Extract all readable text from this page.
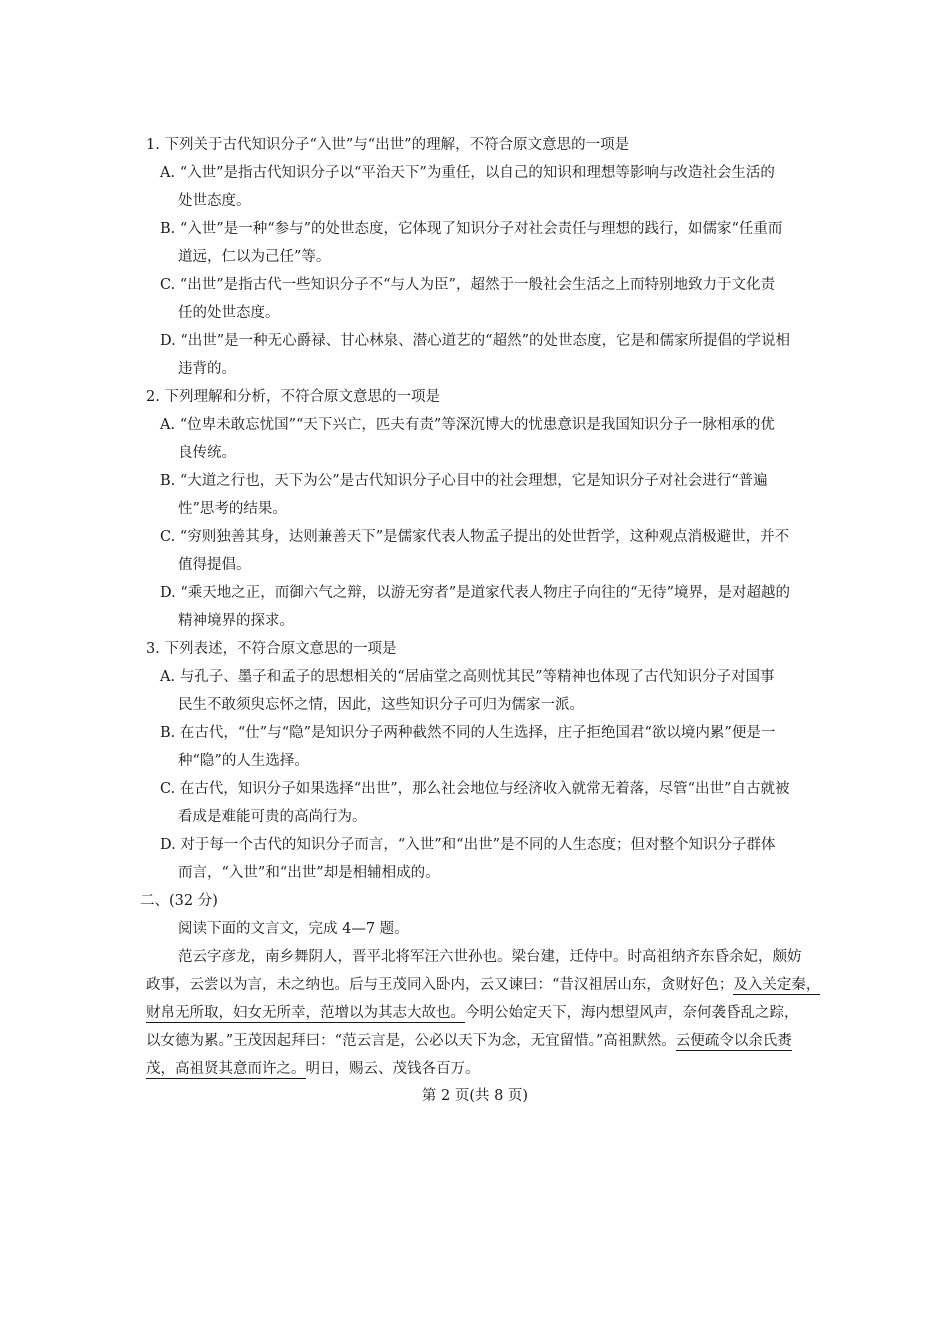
1. 下列关于古代知识分子“入世”与“出世”的理解，不符合原文意思的一项是
A. “入世”是指古代知识分子以“平治天下”为重任，以自己的知识和理想等影响与改造社会生活的
处世态度。
B. “入世”是一种“参与”的处世态度，它体现了知识分子对社会责任与理想的践行，如儒家“任重而
道远，仁以为己任”等。
C. “出世”是指古代一些知识分子不“与人为臣”，超然于一般社会生活之上而特别地致力于文化责
任的处世态度。
D. “出世”是一种无心爵禄、甘心林泉、潜心道艺的“超然”的处世态度，它是和儒家所提倡的学说相
违背的。
2. 下列理解和分析，不符合原文意思的一项是
A. “位卑未敢忘忧国”“天下兴亡，匹夫有责”等深沉博大的忧患意识是我国知识分子一脉相承的优
良传统。
B. “大道之行也，天下为公”是古代知识分子心目中的社会理想，它是知识分子对社会进行“普遍
性”思考的结果。
C. “穷则独善其身，达则兼善天下”是儒家代表人物孟子提出的处世哲学，这种观点消极避世，并不
值得提倡。
D. “乘天地之正，而御六气之辩，以游无穷者”是道家代表人物庄子向往的“无待”境界，是对超越的
精神境界的探求。
3. 下列表述，不符合原文意思的一项是
A. 与孔子、墨子和孟子的思想相关的“居庙堂之高则忧其民”等精神也体现了古代知识分子对国事
民生不敢须臾忘怀之情，因此，这些知识分子可归为儒家一派。
B. 在古代，“仕”与“隐”是知识分子两种截然不同的人生选择，庄子拒绝国君“欲以境内累”便是一
种“隐”的人生选择。
C. 在古代，知识分子如果选择“出世”，那么社会地位与经济收入就常无着落，尽管“出世”自古就被
看成是难能可贵的高尚行为。
D. 对于每一个古代的知识分子而言，“入世”和“出世”是不同的人生态度；但对整个知识分子群体
而言，“入世”和“出世”却是相辅相成的。
二、(32 分)
阅读下面的文言文，完成 4—7 题。
范云字彦龙，南乡舞阴人，晋平北将军汪六世孙也。梁台建，迁侍中。时高祖纳齐东昏余妃，颇妨
政事，云尝以为言，未之纳也。后与王茂同入卧内，云又谏曰：“昔汉祖居山东，贪财好色；及入关定秦，
财帛无所取，妇女无所幸，范增以为其志大故也。今明公始定天下，海内想望风声，奈何袭昏乱之踪，
以女德为累。”王茂因起拜曰：“范云言是，公必以天下为念，无宜留惜。”高祖默然。云便疏令以余氏赉
茂，高祖贤其意而许之。明日，赐云、茂钱各百万。
第 2 页(共 8 页)
